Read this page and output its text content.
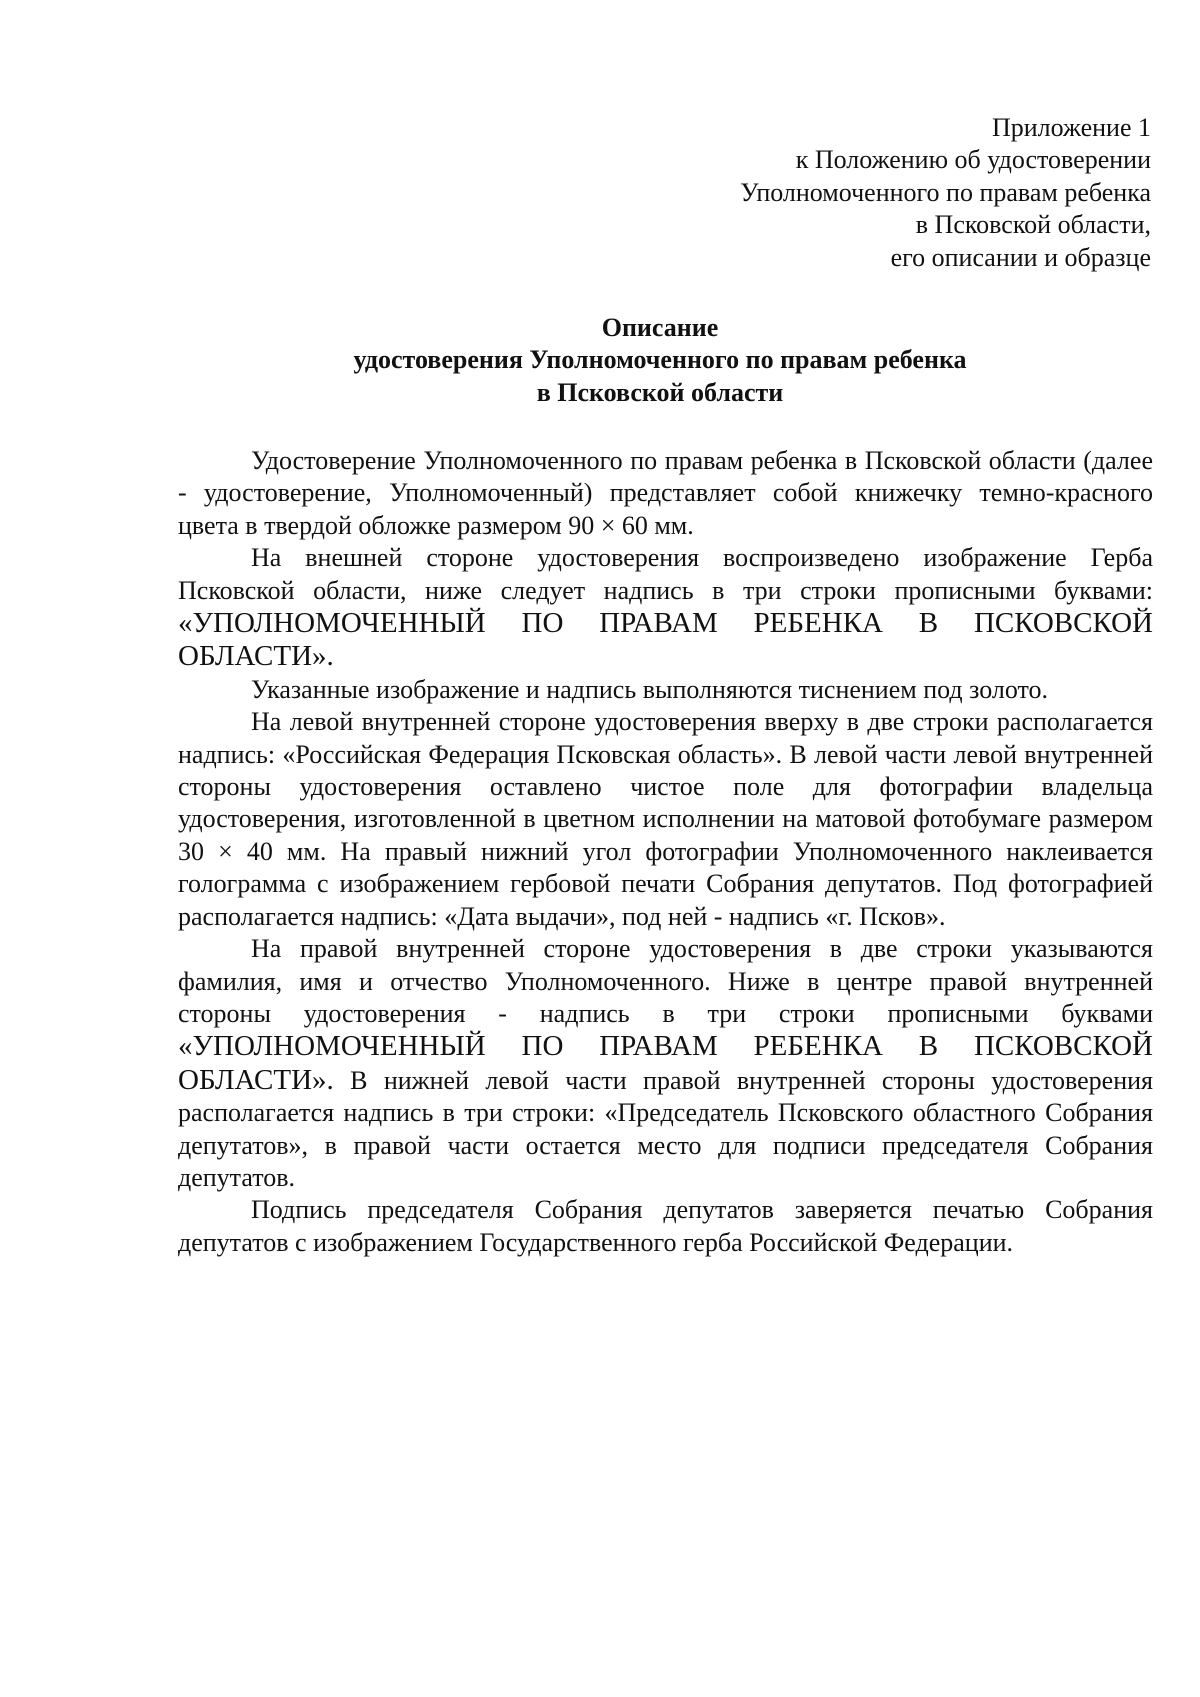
Приложение 1
к Положению об удостоверении
Уполномоченного по правам ребенка
в Псковской области,
его описании и образце
Описание
удостоверения Уполномоченного по правам ребенка
в Псковской области

Удостоверение Уполномоченного по правам ребенка в Псковской области (далее - удостоверение, Уполномоченный) представляет собой книжечку темно-красного цвета в твердой обложке размером 90 × 60 мм.

На внешней стороне удостоверения воспроизведено изображение Герба Псковской области, ниже следует надпись в три строки прописными буквами: «УПОЛНОМОЧЕННЫЙ ПО ПРАВАМ РЕБЕНКА В ПСКОВСКОЙ ОБЛАСТИ».

Указанные изображение и надпись выполняются тиснением под золото.

На левой внутренней стороне удостоверения вверху в две строки располагается надпись: «Российская Федерация Псковская область». В левой части левой внутренней стороны удостоверения оставлено чистое поле для фотографии владельца удостоверения, изготовленной в цветном исполнении на матовой фотобумаге размером 30 × 40 мм. На правый нижний угол фотографии Уполномоченного наклеивается голограмма с изображением гербовой печати Собрания депутатов. Под фотографией располагается надпись: «Дата выдачи», под ней - надпись «г. Псков».

На правой внутренней стороне удостоверения в две строки указываются фамилия, имя и отчество Уполномоченного. Ниже в центре правой внутренней стороны удостоверения - надпись в три строки прописными буквами «УПОЛНОМОЧЕННЫЙ ПО ПРАВАМ РЕБЕНКА В ПСКОВСКОЙ ОБЛАСТИ». В нижней левой части правой внутренней стороны удостоверения располагается надпись в три строки: «Председатель Псковского областного Собрания депутатов», в правой части остается место для подписи председателя Собрания депутатов.

Подпись председателя Собрания депутатов заверяется печатью Собрания депутатов с изображением Государственного герба Российской Федерации.
